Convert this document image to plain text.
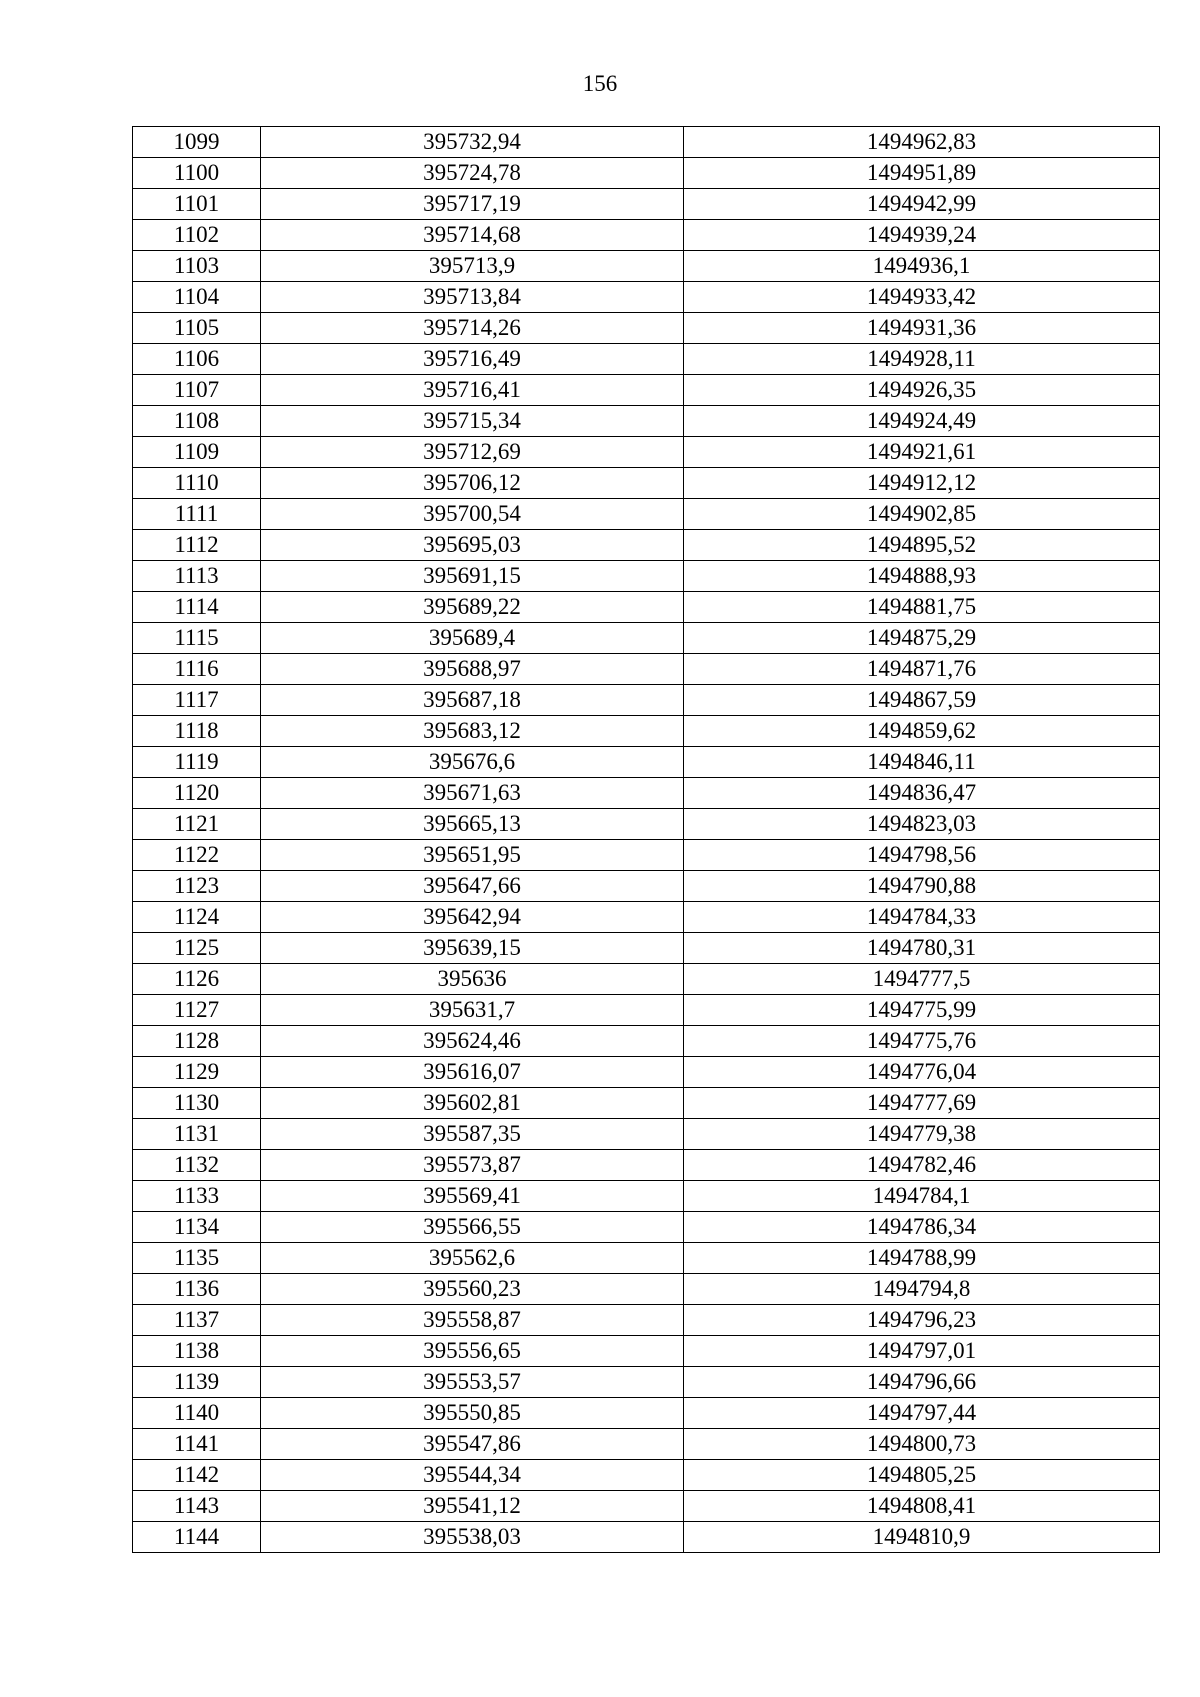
156
1099	395732,94	1494962,83
1100	395724,78	1494951,89
1101	395717,19	1494942,99
1102	395714,68	1494939,24
1103	395713,9	1494936,1
1104	395713,84	1494933,42
1105	395714,26	1494931,36
1106	395716,49	1494928,11
1107	395716,41	1494926,35
1108	395715,34	1494924,49
1109	395712,69	1494921,61
1110	395706,12	1494912,12
1111	395700,54	1494902,85
1112	395695,03	1494895,52
1113	395691,15	1494888,93
1114	395689,22	1494881,75
1115	395689,4	1494875,29
1116	395688,97	1494871,76
1117	395687,18	1494867,59
1118	395683,12	1494859,62
1119	395676,6	1494846,11
1120	395671,63	1494836,47
1121	395665,13	1494823,03
1122	395651,95	1494798,56
1123	395647,66	1494790,88
1124	395642,94	1494784,33
1125	395639,15	1494780,31
1126	395636	1494777,5
1127	395631,7	1494775,99
1128	395624,46	1494775,76
1129	395616,07	1494776,04
1130	395602,81	1494777,69
1131	395587,35	1494779,38
1132	395573,87	1494782,46
1133	395569,41	1494784,1
1134	395566,55	1494786,34
1135	395562,6	1494788,99
1136	395560,23	1494794,8
1137	395558,87	1494796,23
1138	395556,65	1494797,01
1139	395553,57	1494796,66
1140	395550,85	1494797,44
1141	395547,86	1494800,73
1142	395544,34	1494805,25
1143	395541,12	1494808,41
1144	395538,03	1494810,9
